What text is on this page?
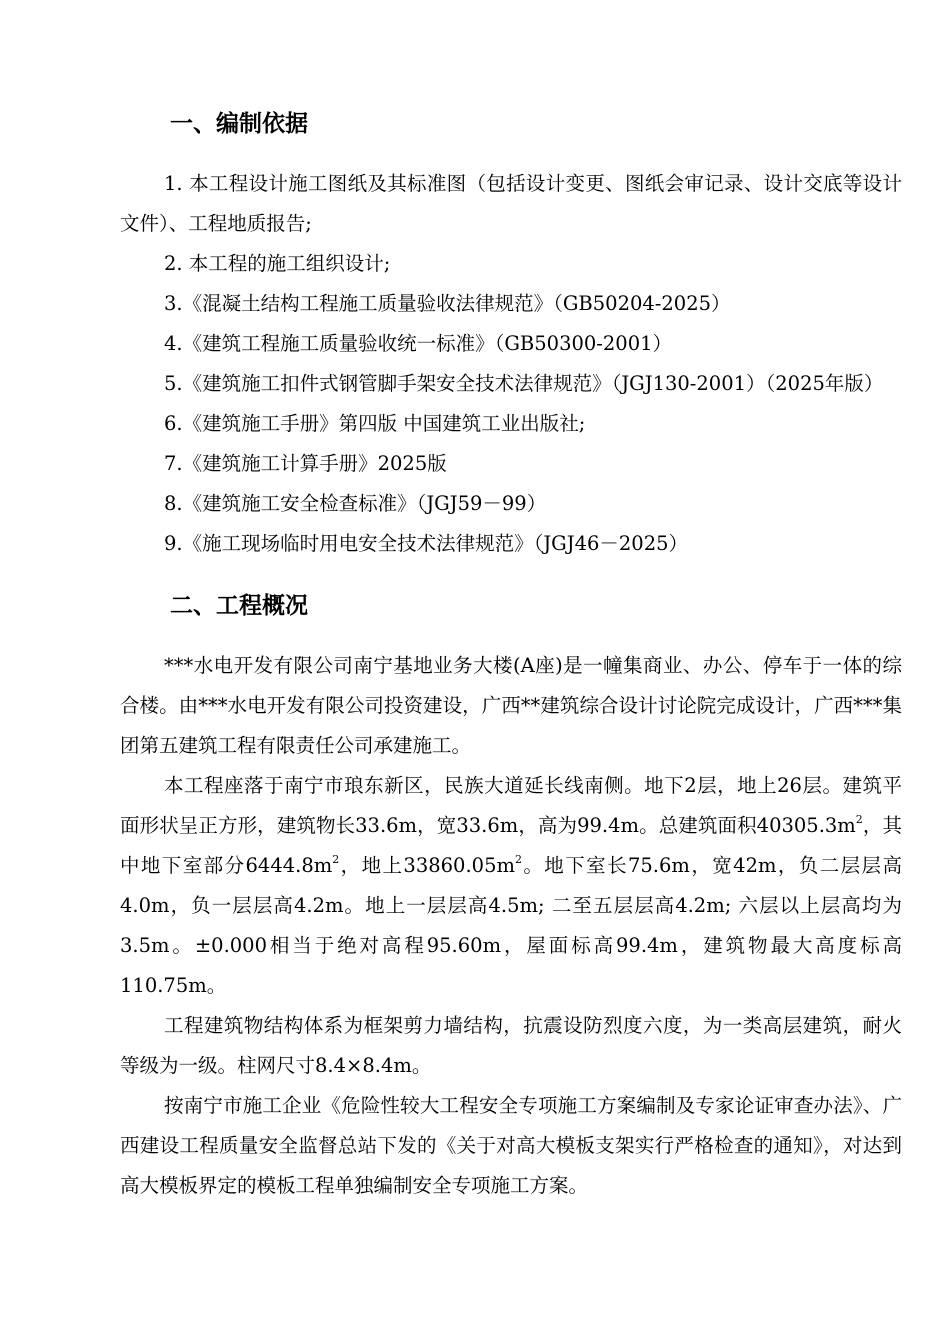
一、编制依据
1. 本工程设计施工图纸及其标准图（包括设计变更、图纸会审记录、设计交底等设计文件）、工程地质报告;
2. 本工程的施工组织设计;
3.《混凝土结构工程施工质量验收法律规范》（GB50204-2025）
4.《建筑工程施工质量验收统一标准》（GB50300-2001）
5.《建筑施工扣件式钢管脚手架安全技术法律规范》（JGJ130-2001）（2025年版）
6.《建筑施工手册》第四版 中国建筑工业出版社;
7.《建筑施工计算手册》2025版
8.《建筑施工安全检查标准》（JGJ59－99）
9.《施工现场临时用电安全技术法律规范》（JGJ46－2025）
二、工程概况
***水电开发有限公司南宁基地业务大楼(A座)是一幢集商业、办公、停车于一体的综合楼。由***水电开发有限公司投资建设，广西**建筑综合设计讨论院完成设计，广西***集团第五建筑工程有限责任公司承建施工。
本工程座落于南宁市琅东新区，民族大道延长线南侧。地下2层，地上26层。建筑平面形状呈正方形，建筑物长33.6m，宽33.6m，高为99.4m。总建筑面积$40305.3m^2$，其中地下室部分$6444.8m^2$，地上$33860.05m^2$。地下室长75.6m，宽42m，负二层层高4.0m，负一层层高4.2m。地上一层层高4.5m; 二至五层层高4.2m; 六层以上层高均为3.5m。±0.000相当于绝对高程95.60m，屋面标高99.4m，建筑物最大高度标高110.75m。
工程建筑物结构体系为框架剪力墙结构，抗震设防烈度六度，为一类高层建筑，耐火等级为一级。柱网尺寸8.4×8.4m。
按南宁市施工企业《危险性较大工程安全专项施工方案编制及专家论证审查办法》、广西建设工程质量安全监督总站下发的《关于对高大模板支架实行严格检查的通知》，对达到高大模板界定的模板工程单独编制安全专项施工方案。
